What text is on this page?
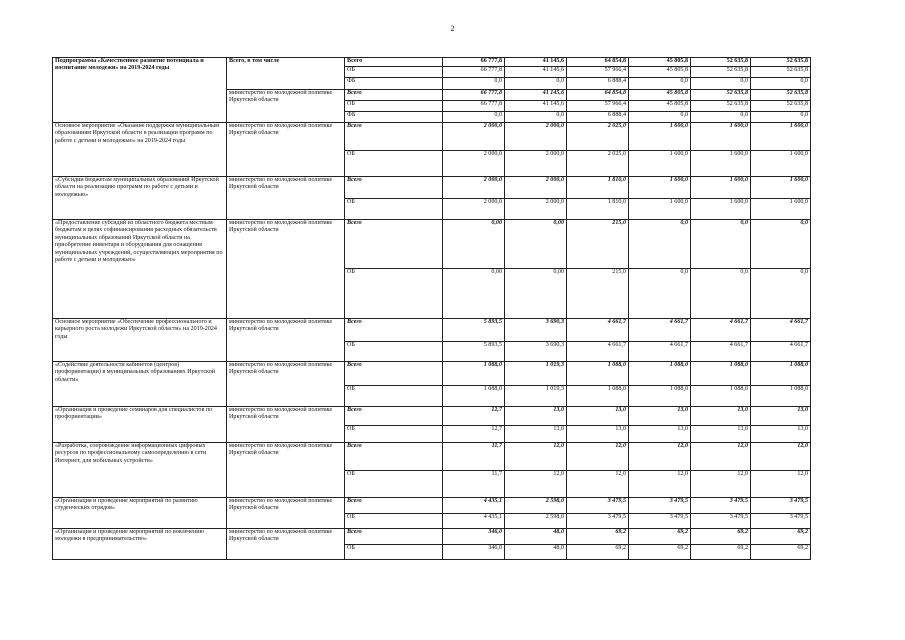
2
Подпрограмма «Качественное развитие потенциала и воспитание молодежи» на 2019-2024 годы	Всего, в том числе	Всего	66 777,8	41 145,6	64 854,8	45 805,8	52 635,8	52 635,8
		ОБ	66 777,8	41 145,6	57 966,4	45 805,8	52 635,8	52 635,8
		ФБ	0,0	0,0	6 888,4	0,0	0,0	0,0
	министерство по молодежной политике Иркутской области	Всего	66 777,8	41 145,6	64 854,8	45 805,8	52 635,8	52 635,8
		ОБ	66 777,8	41 145,6	57 966,4	45 805,8	52 635,8	52 635,8
		ФБ	0,0	0,0	6 888,4	0,0	0,0	0,0
Основное мероприятие «Оказание поддержки муниципальным образованиям Иркутской области в реализации программ по работе с детьми и молодежью» на 2019-2024 годы	министерство по молодежной политике Иркутской области	Всего	2 000,0	2 000,0	2 025,0	1 600,0	1 600,0	1 600,0
		ОБ	2 000,0	2 000,0	2 025,0	1 600,0	1 600,0	1 600,0
«Субсидии бюджетам муниципальных образований Иркутской области на реализацию программ по работе с детьми и молодежью»	министерство по молодежной политике Иркутской области	Всего	2 000,0	2 000,0	1 810,0	1 600,0	1 600,0	1 600,0
		ОБ	2 000,0	2 000,0	1 810,0	1 600,0	1 600,0	1 600,0
«Предоставление субсидий из областного бюджета местным бюджетам в целях софинансирования расходных обязательств муниципальных образований Иркутской области на приобретение инвентаря и оборудования для оснащения муниципальных учреждений, осуществляющих мероприятия по работе с детьми и молодежью»	министерство по молодежной политике Иркутской области	Всего	0,00	0,00	215,0	0,0	0,0	0,0
		ОБ	0,00	0,00	215,0	0,0	0,0	0,0
Основное мероприятие «Обеспечение профессионального и карьерного роста молодежи Иркутской области» на 2019-2024 годы	министерство по молодежной политике Иркутской области	Всего	5 893,5	3 690,3	4 661,7	4 661,7	4 661,7	4 661,7
		ОБ	5 893,5	3 690,3	4 661,7	4 661,7	4 661,7	4 661,7
«Содействие деятельности кабинетов (центров) профориентации) в муниципальных образованиях Иркутской области»	министерство по молодежной политике Иркутской области	Всего	1 088,0	1 019,3	1 088,0	1 088,0	1 088,0	1 088,0
		ОБ	1 088,0	1 019,3	1 088,0	1 088,0	1 088,0	1 088,0
«Организация и проведение семинаров для специалистов по профориентации»	министерство по молодежной политике Иркутской области	Всего	12,7	13,0	13,0	13,0	13,0	13,0
		ОБ	12,7	13,0	13,0	13,0	13,0	13,0
«Разработка, сопровождение информационных цифровых ресурсов по профессиональному самоопределению в сети Интернет, для мобильных устройств»	министерство по молодежной политике Иркутской области	Всего	11,7	12,0	12,0	12,0	12,0	12,0
		ОБ	11,7	12,0	12,0	12,0	12,0	12,0
«Организация и проведение мероприятий по развитию студенческих отрядов»	министерство по молодежной политике Иркутской области	Всего	4 435,1	2 598,0	3 479,5	3 479,5	3 479,5	3 479,5
		ОБ	4 435,1	2 598,0	3 479,5	3 479,5	3 479,5	3 479,5
«Организация и проведение мероприятий по вовлечению молодежи в предпринимательство»	министерство по молодежной политике Иркутской области	Всего	346,0	48,0	69,2	69,2	69,2	69,2
		ОБ	346,0	48,0	69,2	69,2	69,2	69,2
